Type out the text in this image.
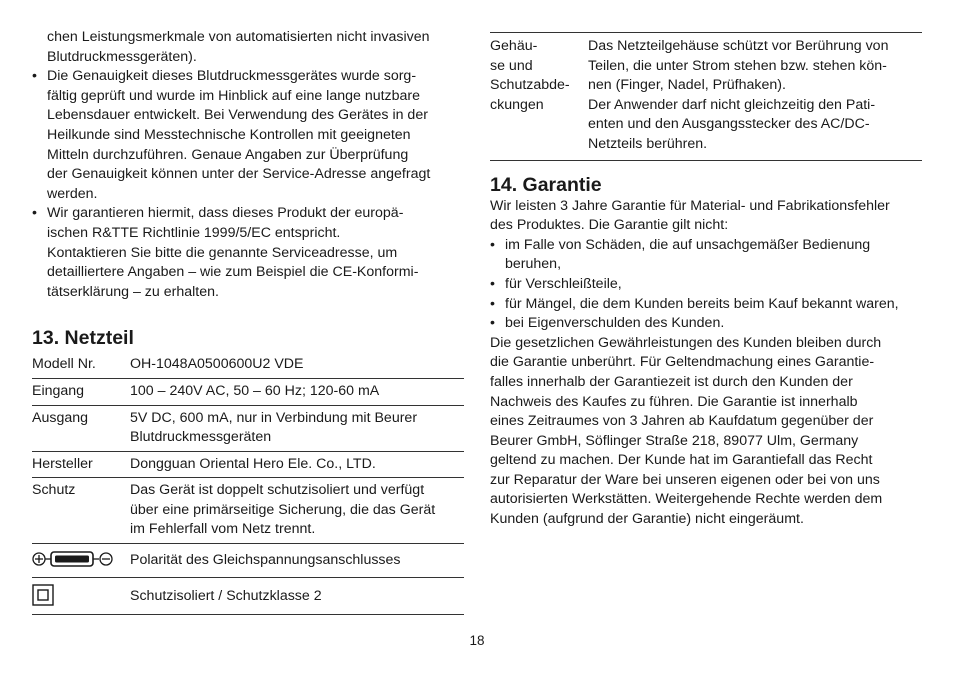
chen Leistungsmerkmale von automatisierten nicht invasiven
Blutdruckmessgeräten).

• Die Genauigkeit dieses Blutdruckmessgerätes wurde sorg-
fältig geprüft und wurde im Hinblick auf eine lange nutzbare
Lebensdauer entwickelt. Bei Verwendung des Gerätes in der
Heilkunde sind Messtechnische Kontrollen mit geeigneten
Mitteln durchzuführen. Genaue Angaben zur Überprüfung
der Genauigkeit können unter der Service-Adresse angefragt
werden.
• Wir garantieren hiermit, dass dieses Produkt der europä-
ischen R&TTE Richtlinie 1999/5/EC entspricht.

Kontaktieren Sie bitte die genannte Serviceadresse, um
detailliertere Angaben – wie zum Beispiel die CE-Konformi-
tätserklärung – zu erhalten.

13. Netzteil
Modell Nr.	OH-1048A0500600U2 VDE
Eingang	100 – 240V AC, 50 – 60 Hz; 120-60 mA
Ausgang	5V DC, 600 mA, nur in Verbindung mit Beurer
Blutdruckmessgeräten
Hersteller	Dongguan Oriental Hero Ele. Co., LTD.
Schutz	Das Gerät ist doppelt schutzisoliert und verfügt
über eine primärseitige Sicherung, die das Gerät
im Fehlerfall vom Netz trennt.
	Polarität des Gleichspannungsanschlusses
	Schutzisoliert / Schutzklasse 2
Gehäu-
se und
Schutzabde-
ckungen	Das Netzteilgehäuse schützt vor Berührung von
Teilen, die unter Strom stehen bzw. stehen kön-
nen (Finger, Nadel, Prüfhaken).
Der Anwender darf nicht gleichzeitig den Pati-
enten und den Ausgangsstecker des AC/DC-
Netzteils berühren.
14. Garantie

Wir leisten 3 Jahre Garantie für Material- und Fabrikationsfehler
des Produktes. Die Garantie gilt nicht:

• im Falle von Schäden, die auf unsachgemäßer Bedienung
beruhen,
• für Verschleißteile,
• für Mängel, die dem Kunden bereits beim Kauf bekannt waren,
• bei Eigenverschulden des Kunden.

Die gesetzlichen Gewährleistungen des Kunden bleiben durch
die Garantie unberührt. Für Geltendmachung eines Garantie-
falles innerhalb der Garantiezeit ist durch den Kunden der
Nachweis des Kaufes zu führen. Die Garantie ist innerhalb
eines Zeitraumes von 3 Jahren ab Kaufdatum gegenüber der
Beurer GmbH, Söflinger Straße 218, 89077 Ulm, Germany
geltend zu machen. Der Kunde hat im Garantiefall das Recht
zur Reparatur der Ware bei unseren eigenen oder bei von uns
autorisierten Werkstätten. Weitergehende Rechte werden dem
Kunden (aufgrund der Garantie) nicht eingeräumt.

18
